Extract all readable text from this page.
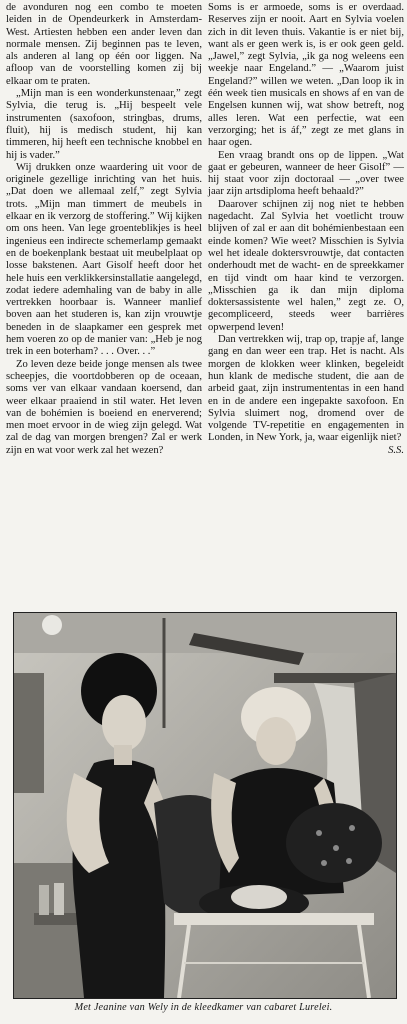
de avonduren nog een combo te moeten leiden in de Opendeurkerk in Amsterdam-West. Artiesten hebben een ander leven dan normale mensen. Zij beginnen pas te leven, als anderen al lang op één oor liggen. Na afloop van de voorstelling komen zij bij elkaar om te praten.

„Mijn man is een wonderkunstenaar,” zegt Sylvia, die terug is. „Hij bespeelt vele instrumenten (saxofoon, stringbas, drums, fluit), hij is medisch student, hij kan timmeren, hij heeft een technische knobbel en hij is vader.”

Wij drukken onze waardering uit voor de originele gezellige inrichting van het huis. „Dat doen we allemaal zelf,” zegt Sylvia trots. „Mijn man timmert de meubels in elkaar en ik verzorg de stoffering.” Wij kijken om ons heen. Van lege groenteblikjes is heel ingenieus een indirecte schemerlamp gemaakt en de boekenplank bestaat uit meubelplaat op losse bakstenen. Aart Gisolf heeft door het hele huis een verklikkersinstallatie aangelegd, zodat iedere ademhaling van de baby in alle vertrekken hoorbaar is. Wanneer manlief boven aan het studeren is, kan zijn vrouwtje beneden in de slaapkamer een gesprek met hem voeren zo op de manier van: „Heb je nog trek in een boterham? . . . Over. . .”

Zo leven deze beide jonge mensen als twee scheepjes, die voortdobberen op de oceaan, soms ver van elkaar vandaan koersend, dan weer elkaar praaiend in stil water. Het leven van de bohémien is boeiend en enerverend; men moet ervoor in de wieg zijn gelegd. Wat zal de dag van morgen brengen? Zal er werk zijn en wat voor werk zal het wezen?

Soms is er armoede, soms is er overdaad. Reserves zijn er nooit. Aart en Sylvia voelen zich in dit leven thuis. Vakantie is er niet bij, want als er geen werk is, is er ook geen geld. „Jawel,” zegt Sylvia, „ik ga nog weleens een weekje naar Engeland.” — „Waarom juist Engeland?” willen we weten. „Dan loop ik in één week tien musicals en shows af en van de Engelsen kunnen wij, wat show betreft, nog alles leren. Wat een perfectie, wat een verzorging; het is áf,” zegt ze met glans in haar ogen.

Een vraag brandt ons op de lippen. „Wat gaat er gebeuren, wanneer de heer Gisolf” — hij staat voor zijn doctoraal — „over twee jaar zijn artsdiploma heeft behaald?”

Daarover schijnen zij nog niet te hebben nagedacht. Zal Sylvia het voetlicht trouw blijven of zal er aan dit bohémienbestaan een einde komen? Wie weet? Misschien is Sylvia wel het ideale doktersvrouwtje, dat contacten onderhoudt met de wacht- en de spreekkamer en tijd vindt om haar kind te verzorgen. „Misschien ga ik dan mijn diploma doktersassistente wel halen,” zegt ze. O, gecompliceerd, steeds weer barrières opwerpend leven!

Dan vertrekken wij, trap op, trapje af, lange gang en dan weer een trap. Het is nacht. Als morgen de klokken weer klinken, begeleidt hun klank de medische student, die aan de arbeid gaat, zijn instrumententas in een hand en in de andere een ingepakte saxofoon. En Sylvia sluimert nog, dromend over de volgende TV-repetitie en engagementen in Londen, in New York, ja, waar eigenlijk niet?

S.S.
Met Jeanine van Wely in de kleedkamer van cabaret Lurelei.
